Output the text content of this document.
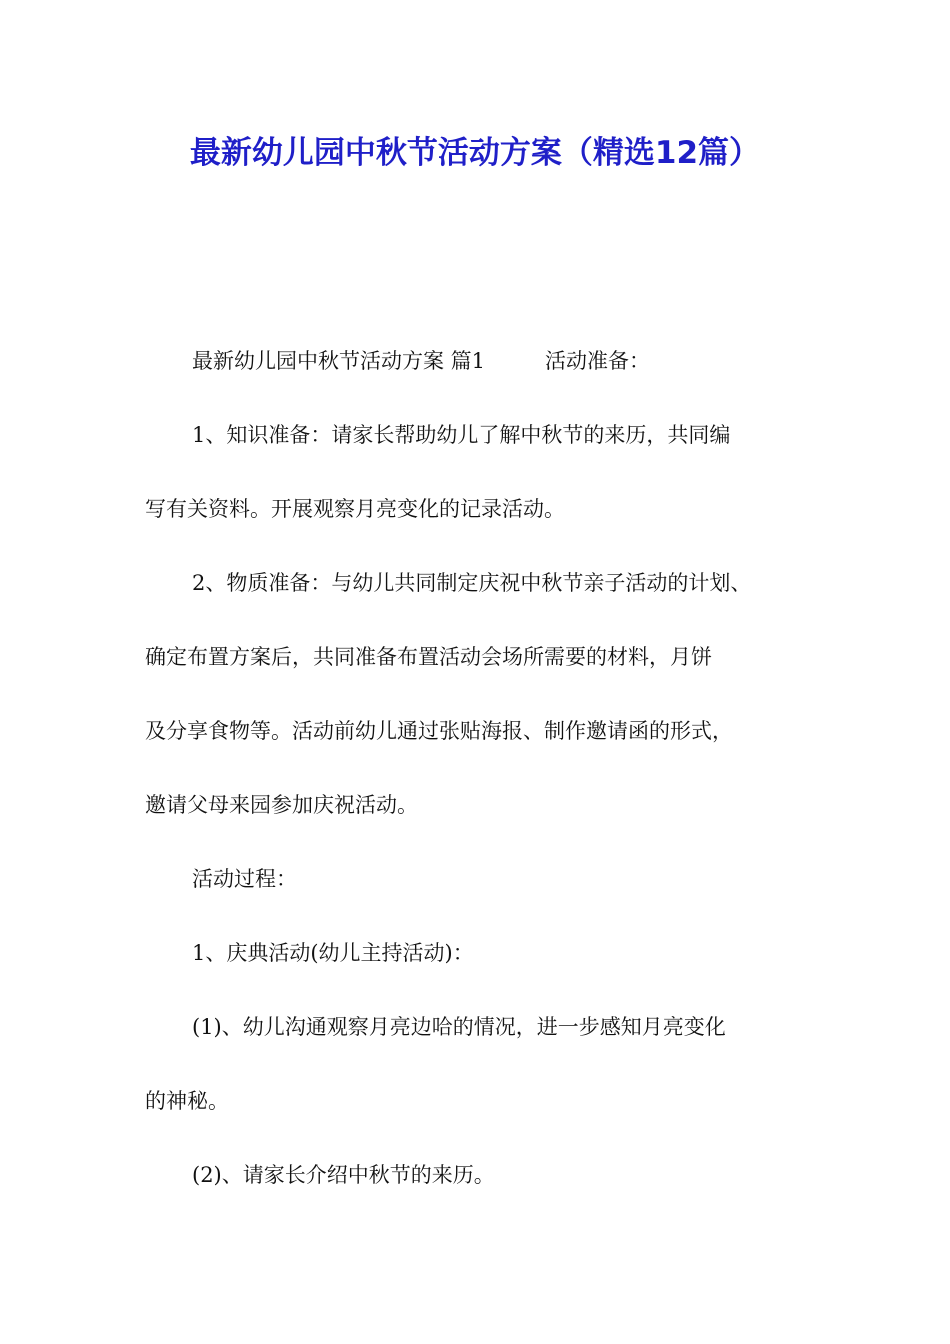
最新幼儿园中秋节活动方案（精选12篇）
最新幼儿园中秋节活动方案 篇1	活动准备：
1、知识准备：请家长帮助幼儿了解中秋节的来历，共同编
写有关资料。开展观察月亮变化的记录活动。
2、物质准备：与幼儿共同制定庆祝中秋节亲子活动的计划、
确定布置方案后，共同准备布置活动会场所需要的材料，月饼
及分享食物等。活动前幼儿通过张贴海报、制作邀请函的形式，
邀请父母来园参加庆祝活动。
活动过程：
1、庆典活动(幼儿主持活动)：
(1)、幼儿沟通观察月亮边哈的情况，进一步感知月亮变化
的神秘。
(2)、请家长介绍中秋节的来历。
